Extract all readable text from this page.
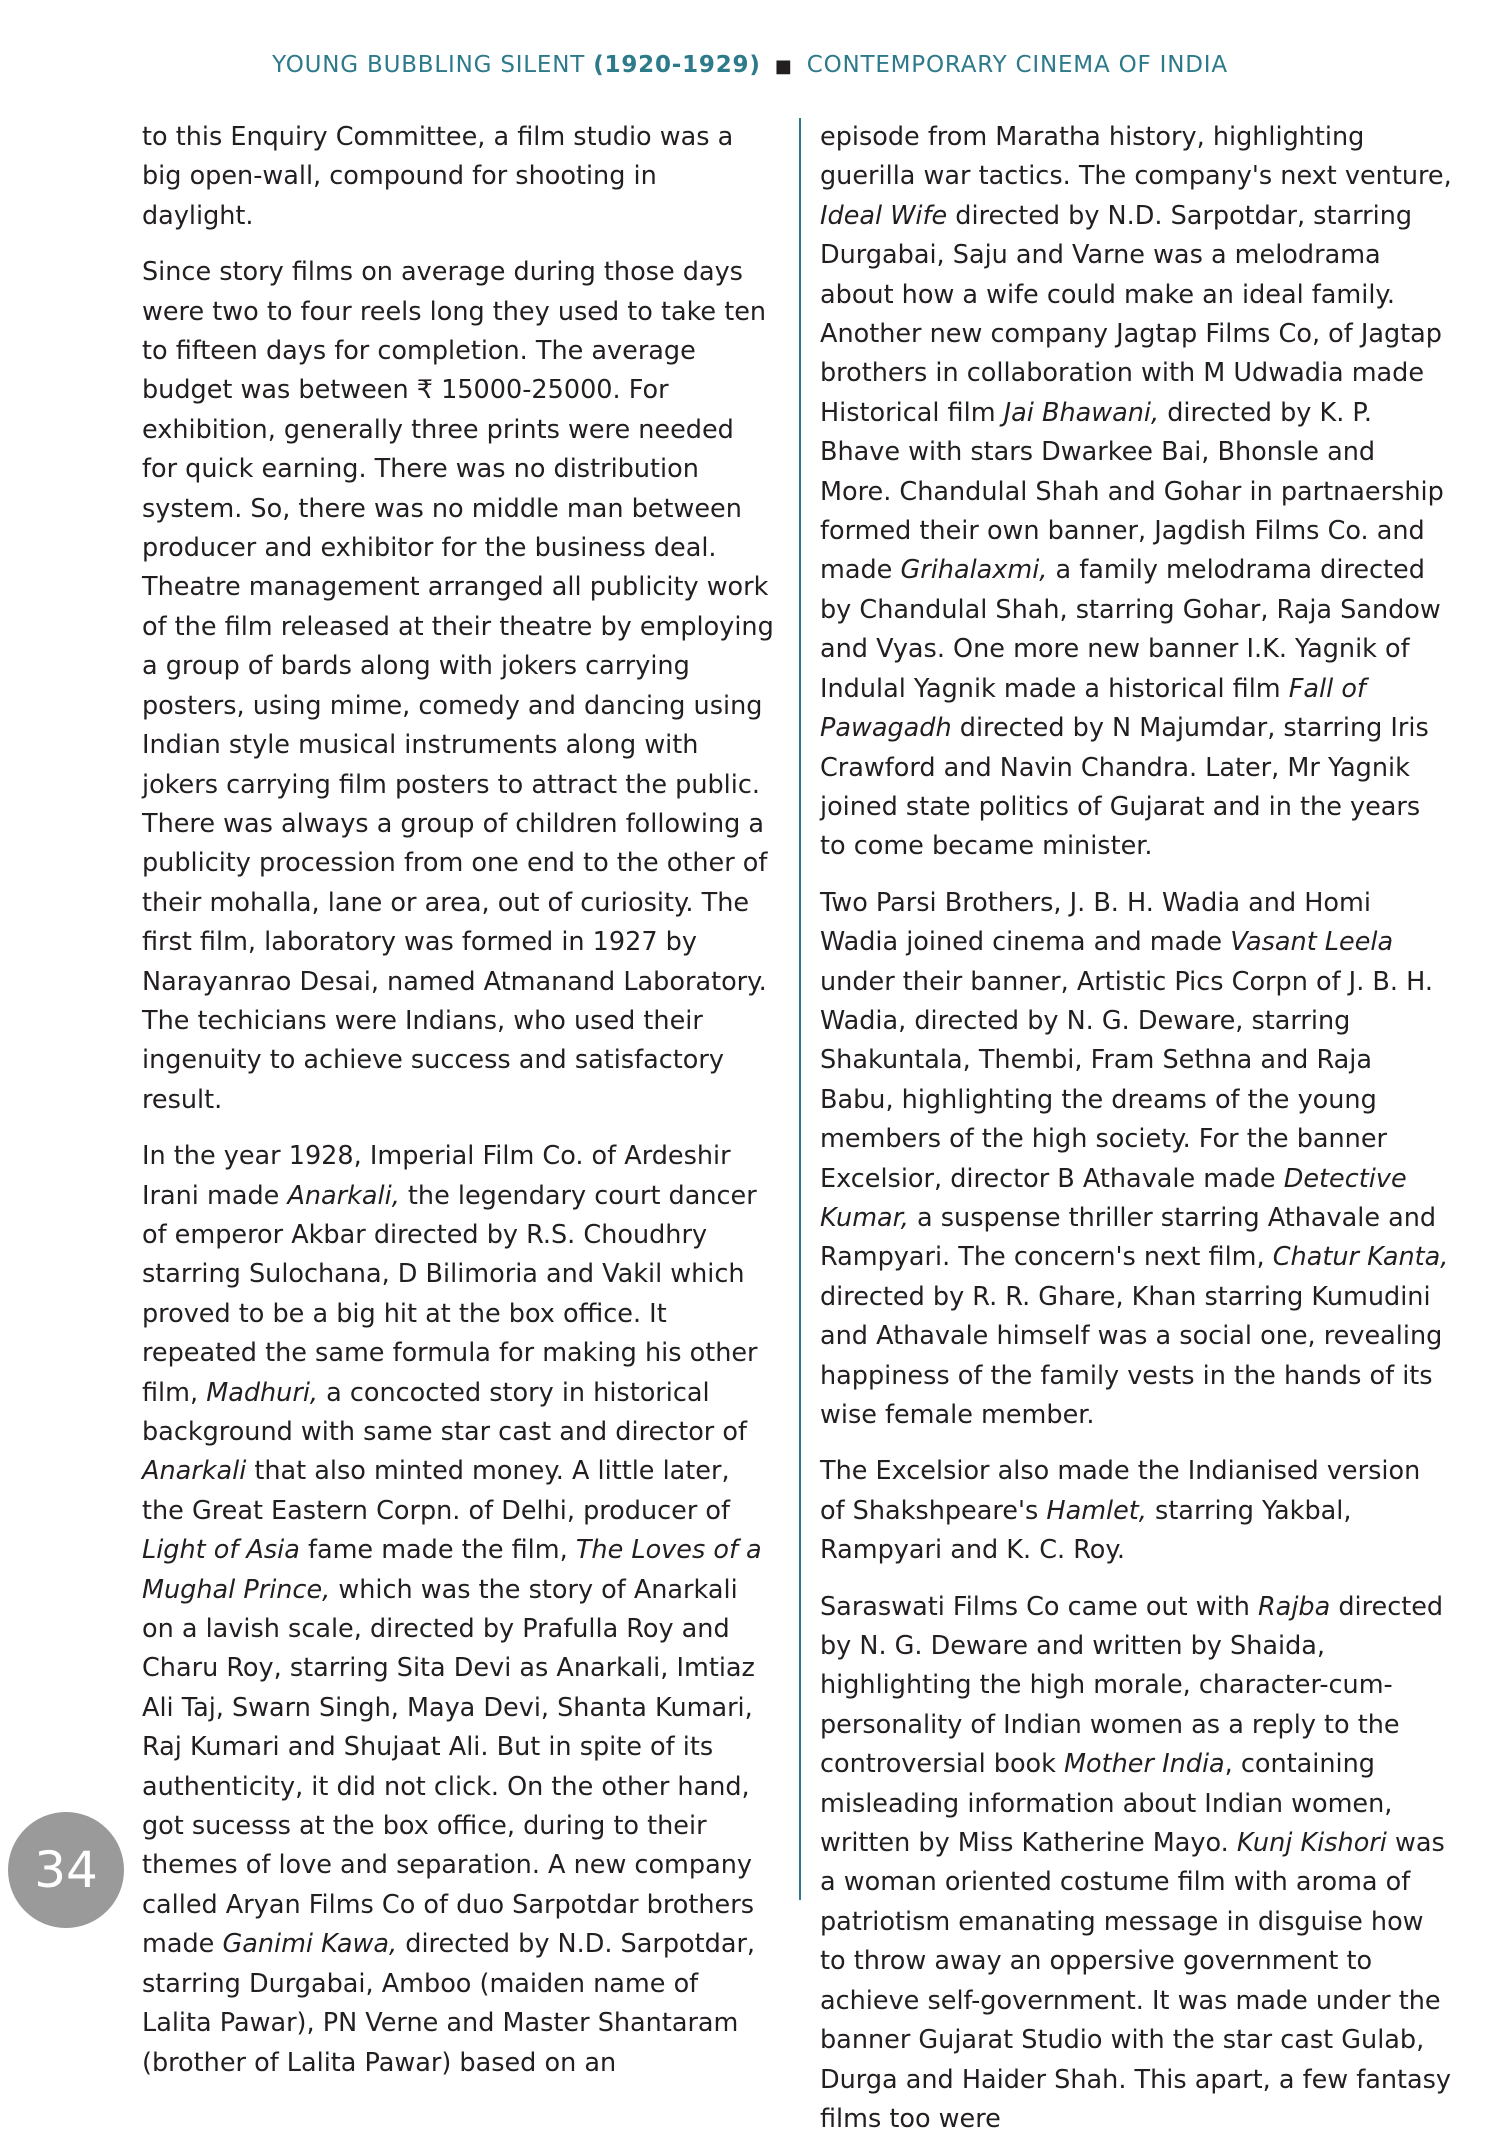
YOUNG BUBBLING SILENT (1920-1929) ■ CONTEMPORARY CINEMA OF INDIA

to this Enquiry Committee, a film studio was a big open-wall, compound for shooting in daylight.

Since story films on average during those days were two to four reels long they used to take ten to fifteen days for completion. The average budget was between ₹ 15000-25000. For exhibition, generally three prints were needed for quick earning. There was no distribution system. So, there was no middle man between producer and exhibitor for the business deal. Theatre management arranged all publicity work of the film released at their theatre by employing a group of bards along with jokers carrying posters, using mime, comedy and dancing using Indian style musical instruments along with jokers carrying film posters to attract the public. There was always a group of children following a publicity procession from one end to the other of their mohalla, lane or area, out of curiosity. The first film, laboratory was formed in 1927 by Narayanrao Desai, named Atmanand Laboratory. The techicians were Indians, who used their ingenuity to achieve success and satisfactory result.

In the year 1928, Imperial Film Co. of Ardeshir Irani made Anarkali, the legendary court dancer of emperor Akbar directed by R.S. Choudhry starring Sulochana, D Bilimoria and Vakil which proved to be a big hit at the box office. It repeated the same formula for making his other film, Madhuri, a concocted story in historical background with same star cast and director of Anarkali that also minted money. A little later, the Great Eastern Corpn. of Delhi, producer of Light of Asia fame made the film, The Loves of a Mughal Prince, which was the story of Anarkali on a lavish scale, directed by Prafulla Roy and Charu Roy, starring Sita Devi as Anarkali, Imtiaz Ali Taj, Swarn Singh, Maya Devi, Shanta Kumari, Raj Kumari and Shujaat Ali. But in spite of its authenticity, it did not click. On the other hand, got sucesss at the box office, during to their themes of love and separation. A new company called Aryan Films Co of duo Sarpotdar brothers made Ganimi Kawa, directed by N.D. Sarpotdar, starring Durgabai, Amboo (maiden name of Lalita Pawar), PN Verne and Master Shantaram (brother of Lalita Pawar) based on an

episode from Maratha history, highlighting guerilla war tactics. The company's next venture, Ideal Wife directed by N.D. Sarpotdar, starring Durgabai, Saju and Varne was a melodrama about how a wife could make an ideal family. Another new company Jagtap Films Co, of Jagtap brothers in collaboration with M Udwadia made Historical film Jai Bhawani, directed by K. P. Bhave with stars Dwarkee Bai, Bhonsle and More. Chandulal Shah and Gohar in partnaership formed their own banner, Jagdish Films Co. and made Grihalaxmi, a family melodrama directed by Chandulal Shah, starring Gohar, Raja Sandow and Vyas. One more new banner I.K. Yagnik of Indulal Yagnik made a historical film Fall of Pawagadh directed by N Majumdar, starring Iris Crawford and Navin Chandra. Later, Mr Yagnik joined state politics of Gujarat and in the years to come became minister.

Two Parsi Brothers, J. B. H. Wadia and Homi Wadia joined cinema and made Vasant Leela under their banner, Artistic Pics Corpn of J. B. H. Wadia, directed by N. G. Deware, starring Shakuntala, Thembi, Fram Sethna and Raja Babu, highlighting the dreams of the young members of the high society. For the banner Excelsior, director B Athavale made Detective Kumar, a suspense thriller starring Athavale and Rampyari. The concern's next film, Chatur Kanta, directed by R. R. Ghare, Khan starring Kumudini and Athavale himself was a social one, revealing happiness of the family vests in the hands of its wise female member.

The Excelsior also made the Indianised version of Shakshpeare's Hamlet, starring Yakbal, Rampyari and K. C. Roy.

Saraswati Films Co came out with Rajba directed by N. G. Deware and written by Shaida, highlighting the high morale, character-cum-personality of Indian women as a reply to the controversial book Mother India, containing misleading information about Indian women, written by Miss Katherine Mayo. Kunj Kishori was a woman oriented costume film with aroma of patriotism emanating message in disguise how to throw away an oppersive government to achieve self-government. It was made under the banner Gujarat Studio with the star cast Gulab, Durga and Haider Shah. This apart, a few fantasy films too were

34
